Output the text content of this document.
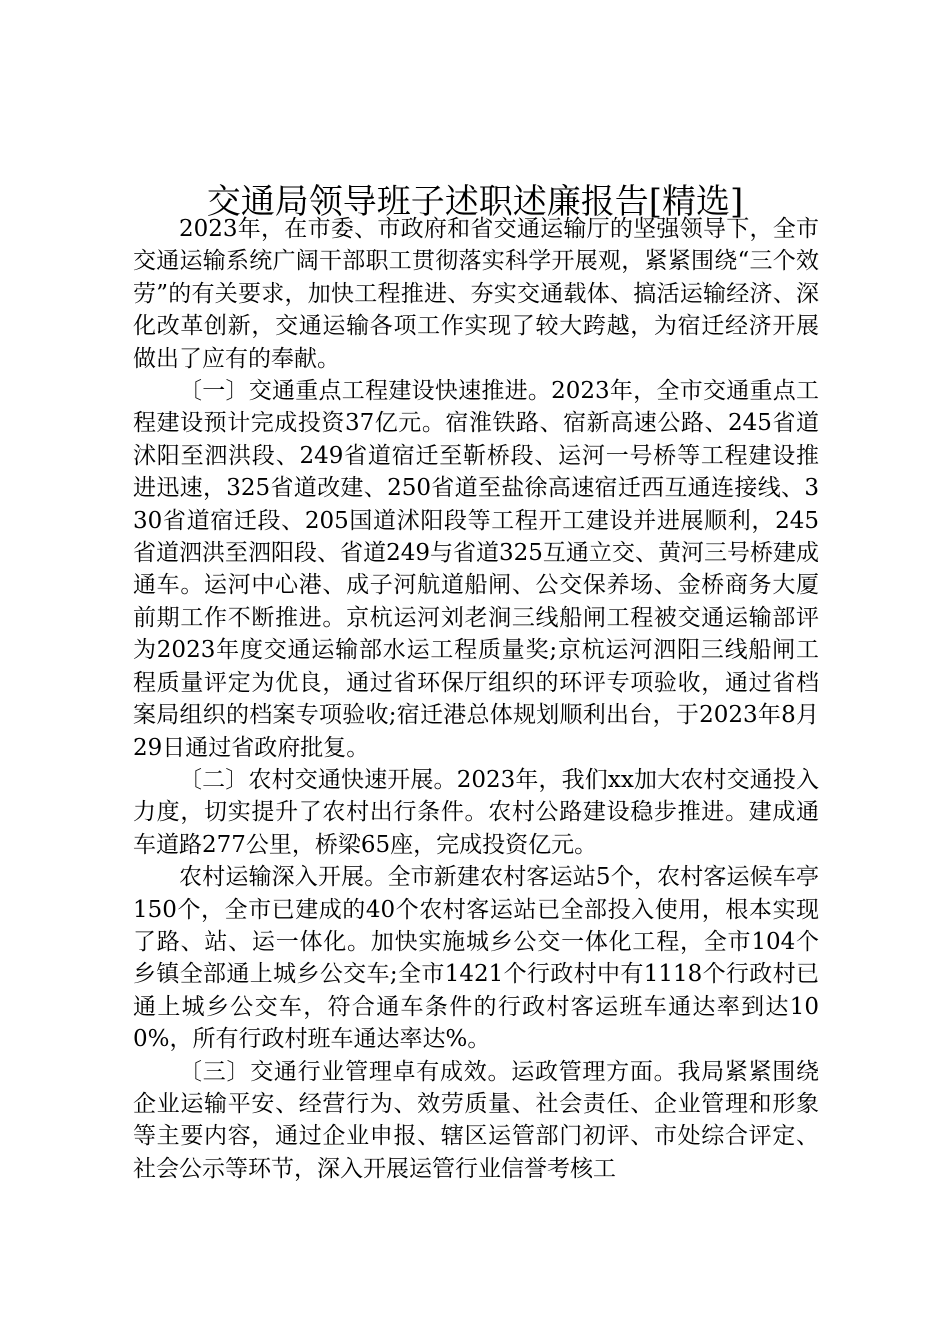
交通局领导班子述职述廉报告[精选]

2023年，在市委、市政府和省交通运输厅的坚强领导下，全市交通运输系统广阔干部职工贯彻落实科学开展观，紧紧围绕“三个效劳”的有关要求，加快工程推进、夯实交通载体、搞活运输经济、深化改革创新，交通运输各项工作实现了较大跨越，为宿迁经济开展做出了应有的奉献。

〔一〕交通重点工程建设快速推进。2023年，全市交通重点工程建设预计完成投资37亿元。宿淮铁路、宿新高速公路、245省道沭阳至泗洪段、249省道宿迁至靳桥段、运河一号桥等工程建设推进迅速，325省道改建、250省道至盐徐高速宿迁西互通连接线、330省道宿迁段、205国道沭阳段等工程开工建设并进展顺利，245省道泗洪至泗阳段、省道249与省道325互通立交、黄河三号桥建成通车。运河中心港、成子河航道船闸、公交保养场、金桥商务大厦前期工作不断推进。京杭运河刘老涧三线船闸工程被交通运输部评为2023年度交通运输部水运工程质量奖;京杭运河泗阳三线船闸工程质量评定为优良，通过省环保厅组织的环评专项验收，通过省档案局组织的档案专项验收;宿迁港总体规划顺利出台，于2023年8月29日通过省政府批复。

〔二〕农村交通快速开展。2023年，我们xx加大农村交通投入力度，切实提升了农村出行条件。农村公路建设稳步推进。建成通车道路277公里，桥梁65座，完成投资亿元。

农村运输深入开展。全市新建农村客运站5个，农村客运候车亭150个，全市已建成的40个农村客运站已全部投入使用，根本实现了路、站、运一体化。加快实施城乡公交一体化工程，全市104个乡镇全部通上城乡公交车;全市1421个行政村中有1118个行政村已通上城乡公交车，符合通车条件的行政村客运班车通达率到达100%，所有行政村班车通达率达%。

〔三〕交通行业管理卓有成效。运政管理方面。我局紧紧围绕企业运输平安、经营行为、效劳质量、社会责任、企业管理和形象等主要内容，通过企业申报、辖区运管部门初评、市处综合评定、社会公示等环节，深入开展运管行业信誉考核工
